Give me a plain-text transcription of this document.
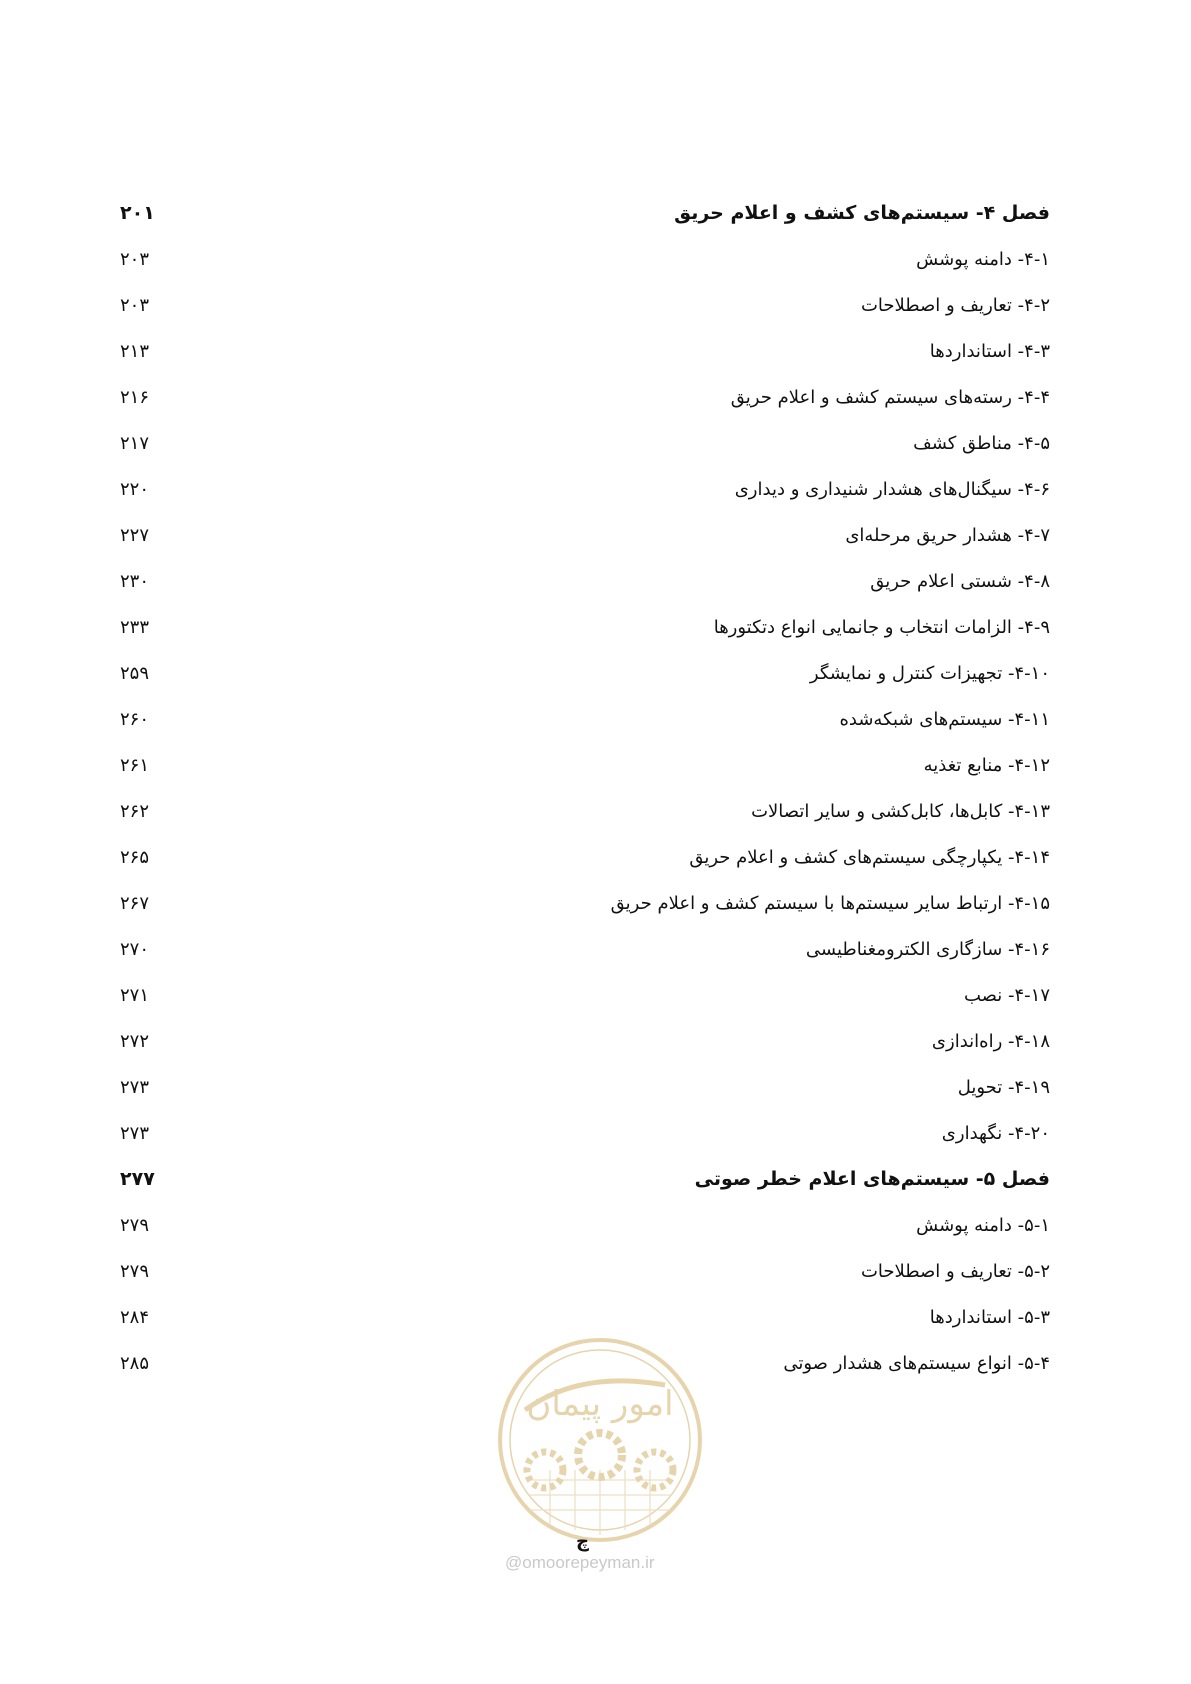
۲۰۱	فصل ۴- سیستم‌های کشف و اعلام حریق
۲۰۳	۴-۱- دامنه پوشش
۲۰۳	۴-۲- تعاریف و اصطلاحات
۲۱۳	۴-۳- استانداردها
۲۱۶	۴-۴- رسته‌های سیستم کشف و اعلام حریق
۲۱۷	۴-۵- مناطق کشف
۲۲۰	۴-۶- سیگنال‌های هشدار شنیداری و دیداری
۲۲۷	۴-۷- هشدار حریق مرحله‌ای
۲۳۰	۴-۸- شستی اعلام حریق
۲۳۳	۴-۹- الزامات انتخاب و جانمایی انواع دتکتورها
۲۵۹	۴-۱۰- تجهیزات کنترل و نمایشگر
۲۶۰	۴-۱۱- سیستم‌های شبکه‌شده
۲۶۱	۴-۱۲- منابع تغذیه
۲۶۲	۴-۱۳- کابل‌ها، کابل‌کشی و سایر اتصالات
۲۶۵	۴-۱۴- یکپارچگی سیستم‌های کشف و اعلام حریق
۲۶۷	۴-۱۵- ارتباط سایر سیستم‌ها با سیستم کشف و اعلام حریق
۲۷۰	۴-۱۶- سازگاری الکترومغناطیسی
۲۷۱	۴-۱۷- نصب
۲۷۲	۴-۱۸- راه‌اندازی
۲۷۳	۴-۱۹- تحویل
۲۷۳	۴-۲۰- نگهداری
۲۷۷	فصل ۵- سیستم‌های اعلام خطر صوتی
۲۷۹	۵-۱- دامنه پوشش
۲۷۹	۵-۲- تعاریف و اصطلاحات
۲۸۴	۵-۳- استانداردها
۲۸۵	۵-۴- انواع سیستم‌های هشدار صوتی
امور پیمان
چ
@omoorepeyman.ir
